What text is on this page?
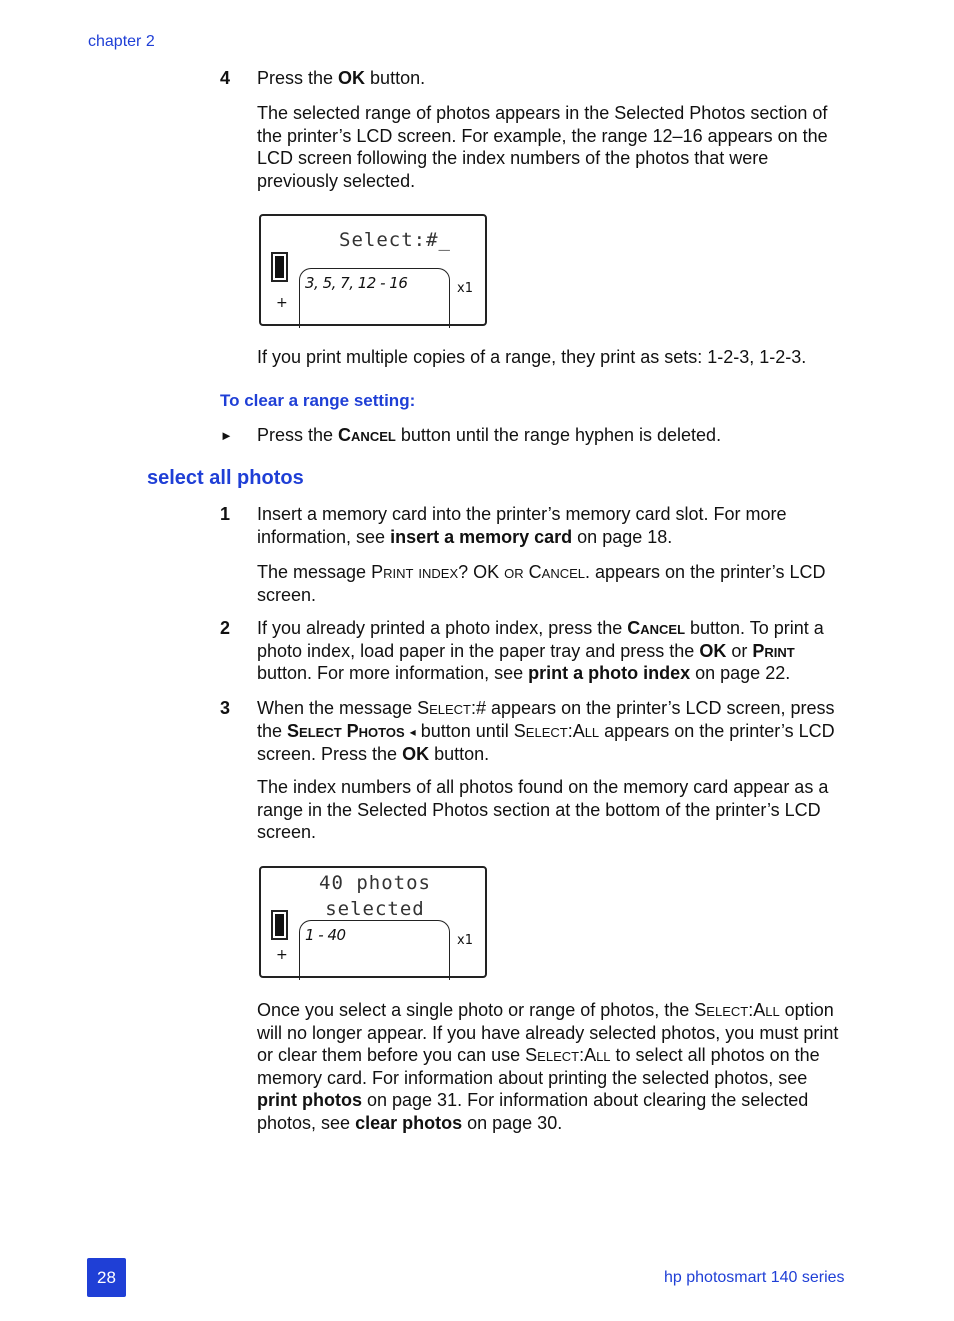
chapter 2
4 Press the OK button.
The selected range of photos appears in the Selected Photos section of the printer’s LCD screen. For example, the range 12–16 appears on the LCD screen following the index numbers of the photos that were previously selected.
Select:#_
+
3, 5, 7, 12 - 16	x1
If you print multiple copies of a range, they print as sets: 1-2-3, 1-2-3.
To clear a range setting:
► Press the Cancel button until the range hyphen is deleted.
select all photos
1 Insert a memory card into the printer’s memory card slot. For more information, see insert a memory card on page 18.
The message Print index? OK or Cancel. appears on the printer’s LCD screen.
2 If you already printed a photo index, press the Cancel button. To print a photo index, load paper in the paper tray and press the OK or Print button. For more information, see print a photo index on page 22.
3 When the message Select:# appears on the printer’s LCD screen, press the Select Photos ◂ button until Select:All appears on the printer’s LCD screen. Press the OK button.
The index numbers of all photos found on the memory card appear as a range in the Selected Photos section at the bottom of the printer’s LCD screen.
40 photos
selected
+
1 - 40	x1
Once you select a single photo or range of photos, the Select:All option will no longer appear. If you have already selected photos, you must print or clear them before you can use Select:All to select all photos on the memory card. For information about printing the selected photos, see print photos on page 31. For information about clearing the selected photos, see clear photos on page 30.
28	hp photosmart 140 series
